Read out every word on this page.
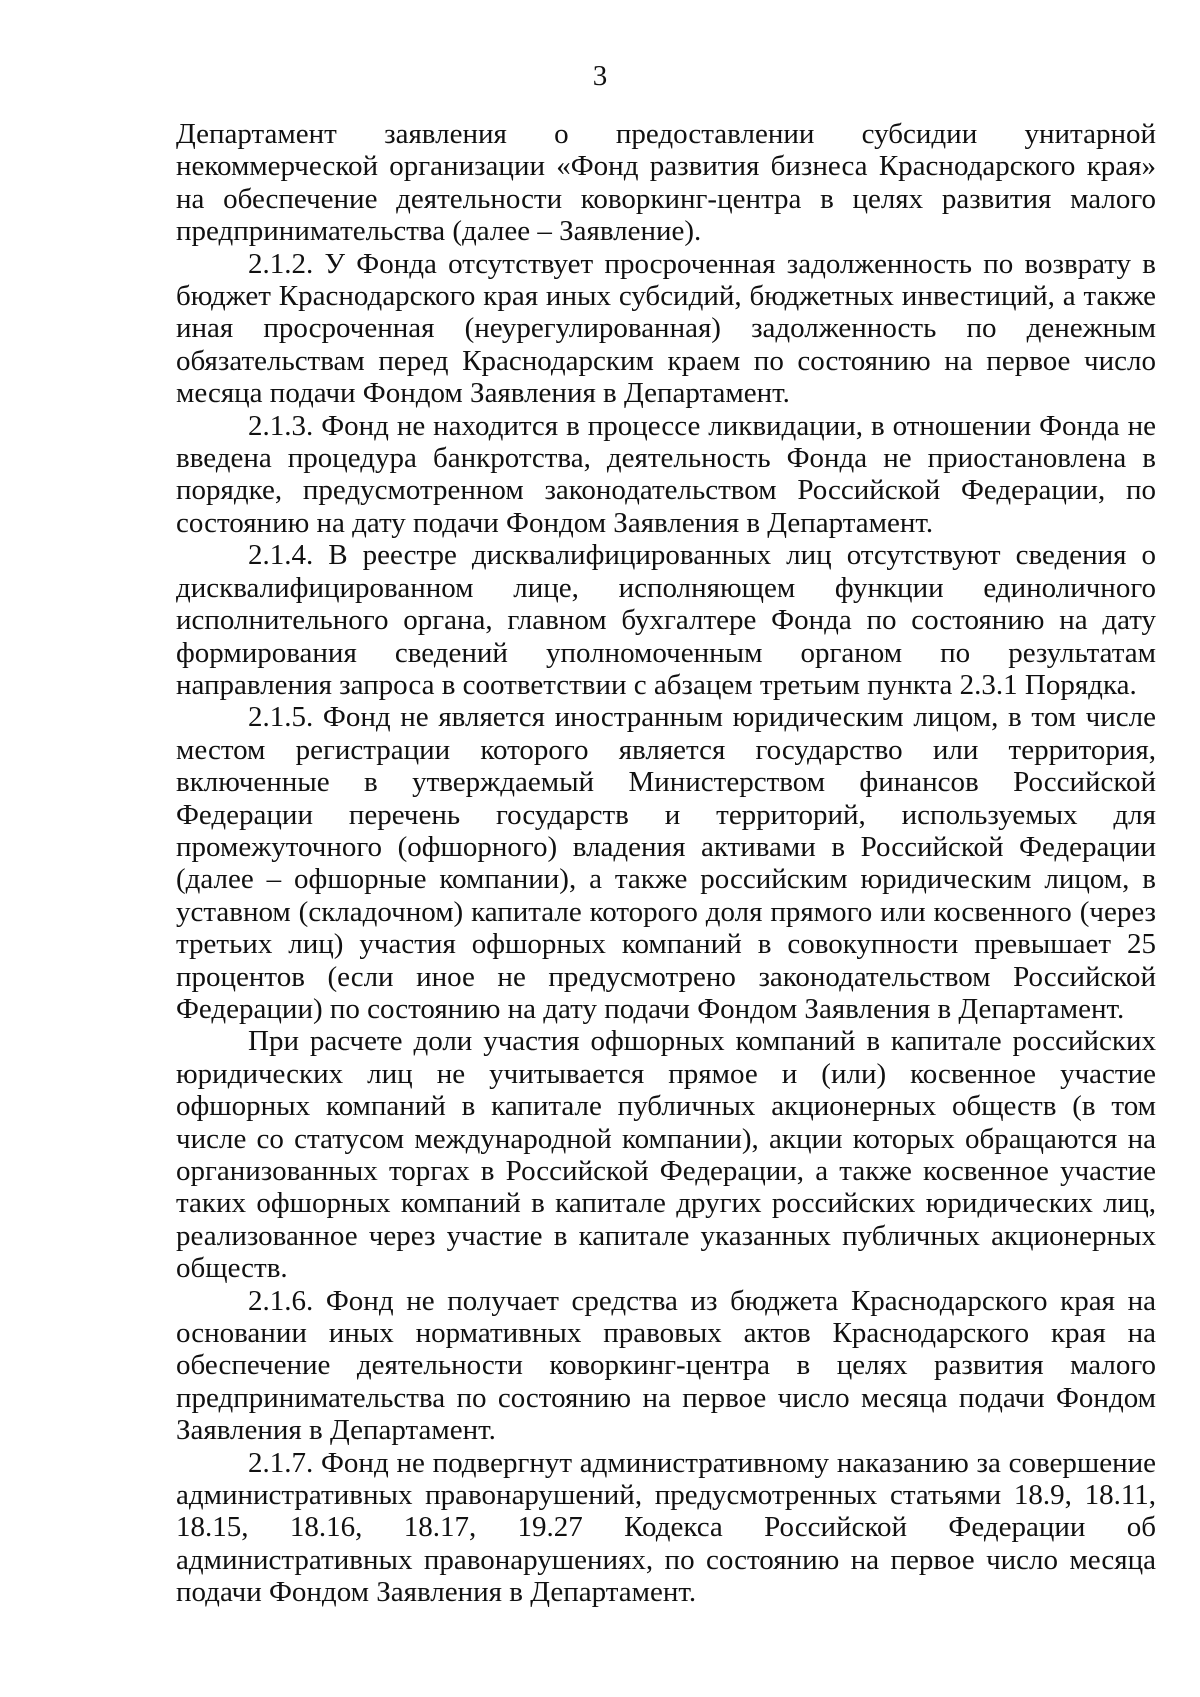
3

Департамент заявления о предоставлении субсидии унитарной некоммерческой организации «Фонд развития бизнеса Краснодарского края» на обеспечение деятельности коворкинг-центра в целях развития малого предпринимательства (далее – Заявление).

2.1.2. У Фонда отсутствует просроченная задолженность по возврату в бюджет Краснодарского края иных субсидий, бюджетных инвестиций, а также иная просроченная (неурегулированная) задолженность по денежным обязательствам перед Краснодарским краем по состоянию на первое число месяца подачи Фондом Заявления в Департамент.

2.1.3. Фонд не находится в процессе ликвидации, в отношении Фонда не введена процедура банкротства, деятельность Фонда не приостановлена в порядке, предусмотренном законодательством Российской Федерации, по состоянию на дату подачи Фондом Заявления в Департамент.

2.1.4. В реестре дисквалифицированных лиц отсутствуют сведения о дисквалифицированном лице, исполняющем функции единоличного исполнительного органа, главном бухгалтере Фонда по состоянию на дату формирования сведений уполномоченным органом по результатам направления запроса в соответствии с абзацем третьим пункта 2.3.1 Порядка.

2.1.5. Фонд не является иностранным юридическим лицом, в том числе местом регистрации которого является государство или территория, включенные в утверждаемый Министерством финансов Российской Федерации перечень государств и территорий, используемых для промежуточного (офшорного) владения активами в Российской Федерации (далее – офшорные компании), а также российским юридическим лицом, в уставном (складочном) капитале которого доля прямого или косвенного (через третьих лиц) участия офшорных компаний в совокупности превышает 25 процентов (если иное не предусмотрено законодательством Российской Федерации) по состоянию на дату подачи Фондом Заявления в Департамент.

При расчете доли участия офшорных компаний в капитале российских юридических лиц не учитывается прямое и (или) косвенное участие офшорных компаний в капитале публичных акционерных обществ (в том числе со статусом международной компании), акции которых обращаются на организованных торгах в Российской Федерации, а также косвенное участие таких офшорных компаний в капитале других российских юридических лиц, реализованное через участие в капитале указанных публичных акционерных обществ.

2.1.6. Фонд не получает средства из бюджета Краснодарского края на основании иных нормативных правовых актов Краснодарского края на обеспечение деятельности коворкинг-центра в целях развития малого предпринимательства по состоянию на первое число месяца подачи Фондом Заявления в Департамент.

2.1.7. Фонд не подвергнут административному наказанию за совершение административных правонарушений, предусмотренных статьями 18.9, 18.11, 18.15, 18.16, 18.17, 19.27 Кодекса Российской Федерации об административных правонарушениях, по состоянию на первое число месяца подачи Фондом Заявления в Департамент.
